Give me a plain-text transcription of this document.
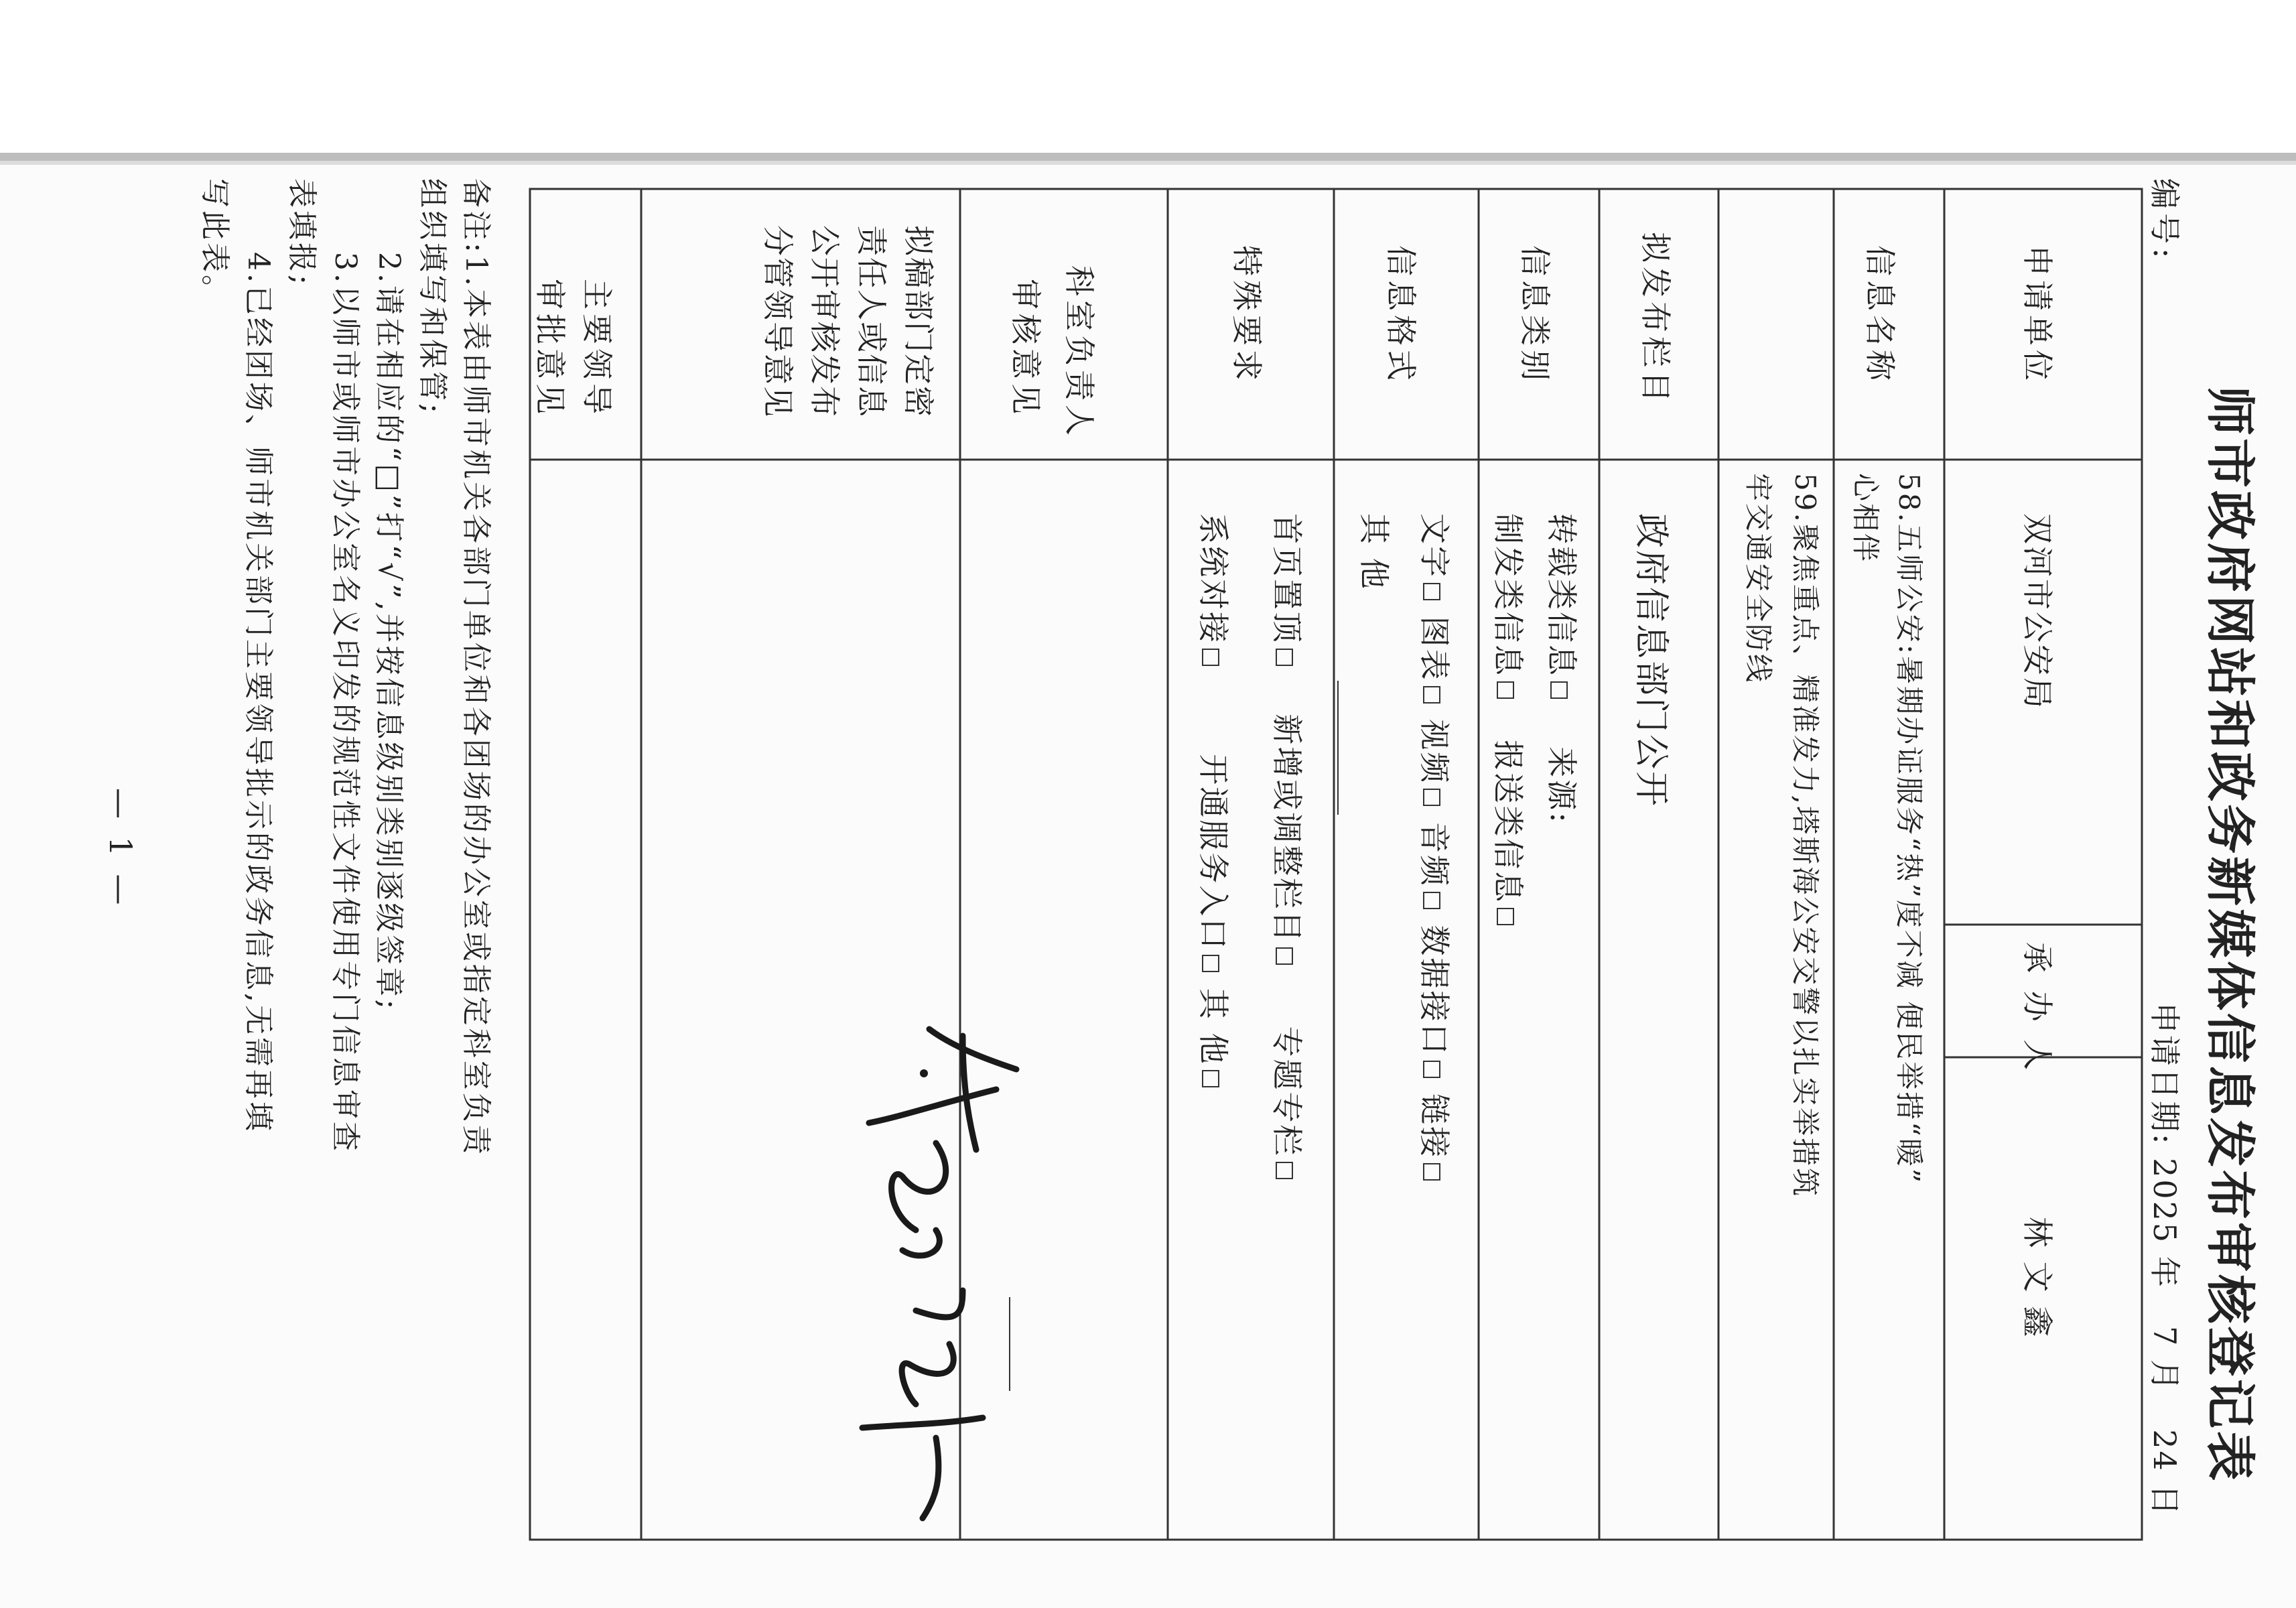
师市政府网站和政务新媒体信息发布审核登记表
编号:
申请日期: 2025 年  7 月  24 日
申请单位
双河市公安局
承 办 人
林 文 鑫
信息名称
58.五师公安:暑期办证服务“热”度不减 便民举措“暖”
心相伴
59.聚焦重点、精准发力,塔斯海公安交警以扎实举措筑
牢交通安全防线
拟发布栏目
政府信息部门公开
信息类别
转载类信息  来源:
制发类信息  报送类信息
信息格式
文字 图表 视频 音频 数据接口 链接
其 他
特殊要求
首页置顶  新增或调整栏目  专题专栏
系统对接  开通服务入口 其 他
科室负责人
审核意见
拟稿部门定密
责任人或信息
公开审核发布
分管领导意见
主要领导
审批意见
备注:1.本表由师市机关各部门单位和各团场的办公室或指定科室负责
组织填写和保管;
2.请在相应的“□”打“√”,并按信息级别类别逐级签章;
3.以师市或师市办公室名义印发的规范性文件使用专门信息审查
表填报;
4.已经团场、师市机关部门主要领导批示的政务信息,无需再填
写此表。
— 1 —
